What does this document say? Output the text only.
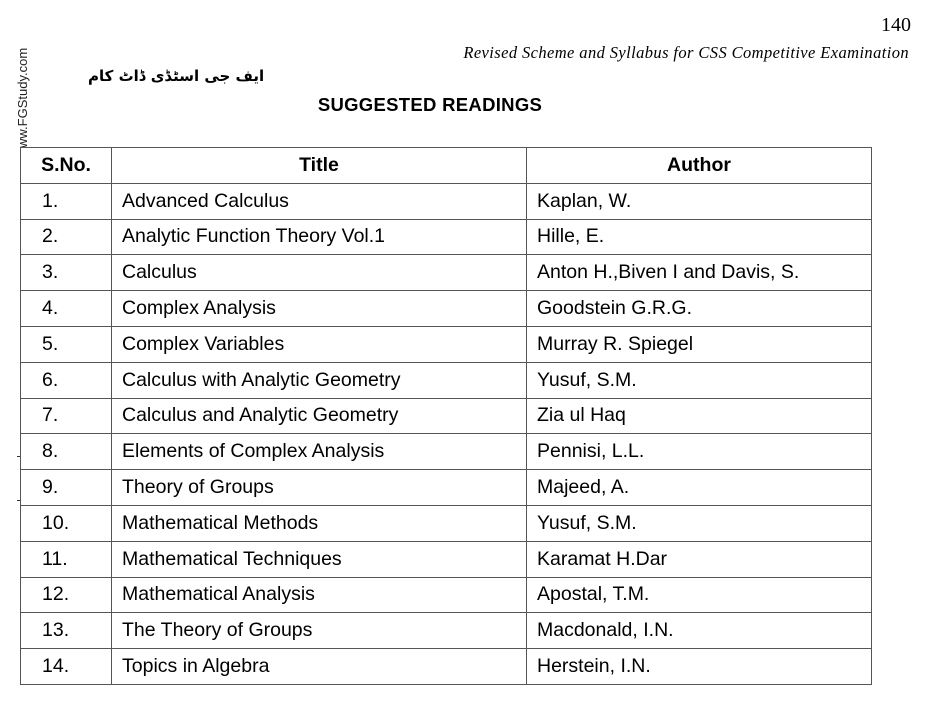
140
Revised Scheme and Syllabus for CSS Competitive Examination
ww.FGStudy.com	ایف جی اسٹڈی ڈاٹ کام
SUGGESTED READINGS
S.No.	Title	Author
1.	Advanced Calculus	Kaplan, W.
2.	Analytic Function Theory Vol.1	Hille, E.
3.	Calculus	Anton H.,Biven I and Davis, S.
4.	Complex Analysis	Goodstein G.R.G.
5.	Complex Variables	Murray R. Spiegel
6.	Calculus with Analytic Geometry	Yusuf, S.M.
7.	Calculus and Analytic Geometry	Zia ul Haq
8.	Elements of Complex Analysis	Pennisi, L.L.
9.	Theory of Groups	Majeed, A.
10.	Mathematical Methods	Yusuf, S.M.
11.	Mathematical Techniques	Karamat H.Dar
12.	Mathematical Analysis	Apostal, T.M.
13.	The Theory of Groups	Macdonald, I.N.
14.	Topics in Algebra	Herstein, I.N.
